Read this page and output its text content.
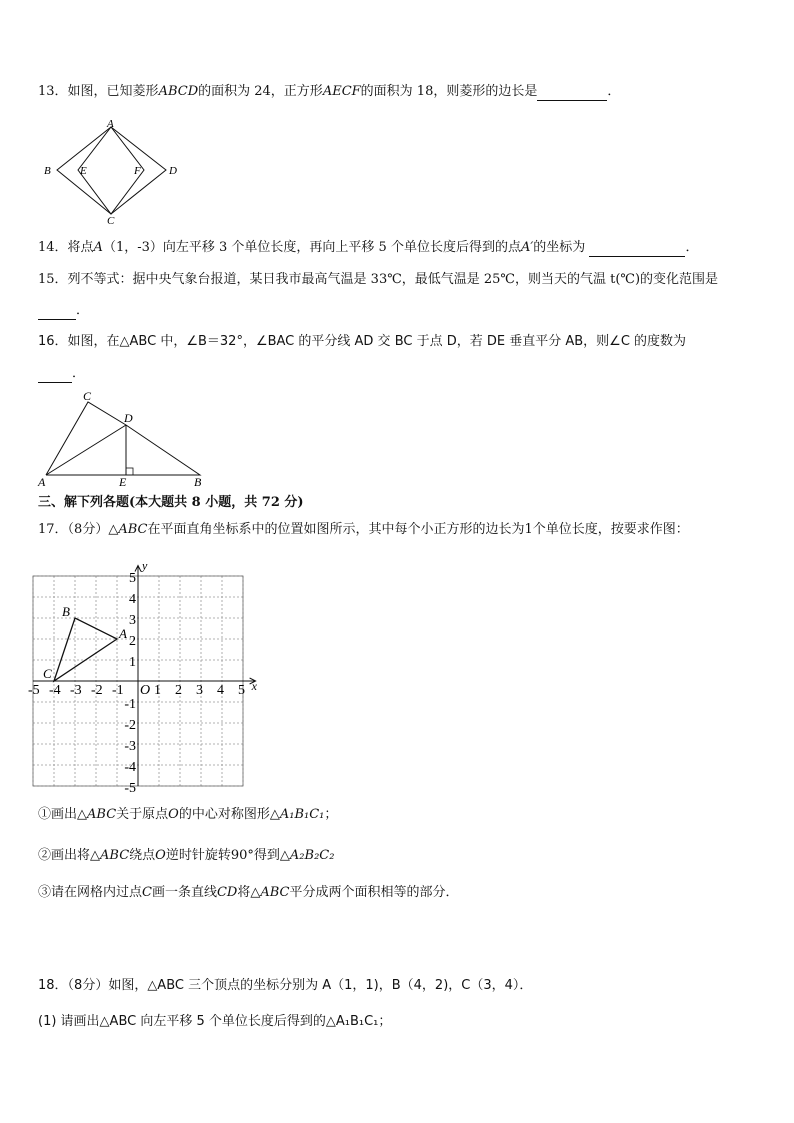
13．如图，已知菱形ABCD的面积为 24，正方形AECF的面积为 18，则菱形的边长是	．
A
B
C
D
E	F
14．将点A（1，-3）向左平移 3 个单位长度，再向上平移 5 个单位长度后得到的点A′的坐标为	．
15．列不等式：据中央气象台报道，某日我市最高气温是 33℃，最低气温是 25℃，则当天的气温 t(℃)的变化范围是
．
16．如图，在△ABC 中，∠B＝32°，∠BAC 的平分线 AD 交 BC 于点 D，若 DE 垂直平分 AB，则∠C 的度数为
．
C
D
A	E	B
三、解下列各题(本大题共 8 小题，共 72 分)
17．（8分）△ABC在平面直角坐标系中的位置如图所示，其中每个小正方形的边长为1个单位长度，按要求作图：
-5 -4 -3 -2 -1 O 1 2 3 4 5
5
4
3
2
1
-1
-2
-3
-4
-5
x
y
A
B
C
①画出△ABC关于原点O的中心对称图形△A₁B₁C₁；
②画出将△ABC绕点O逆时针旋转90°得到△A₂B₂C₂
③请在网格内过点C画一条直线CD将△ABC平分成两个面积相等的部分．
18．（8分）如图，△ABC 三个顶点的坐标分别为 A（1，1)，B（4，2)，C（3，4）．
(1) 请画出△ABC 向左平移 5 个单位长度后得到的△A₁B₁C₁；
